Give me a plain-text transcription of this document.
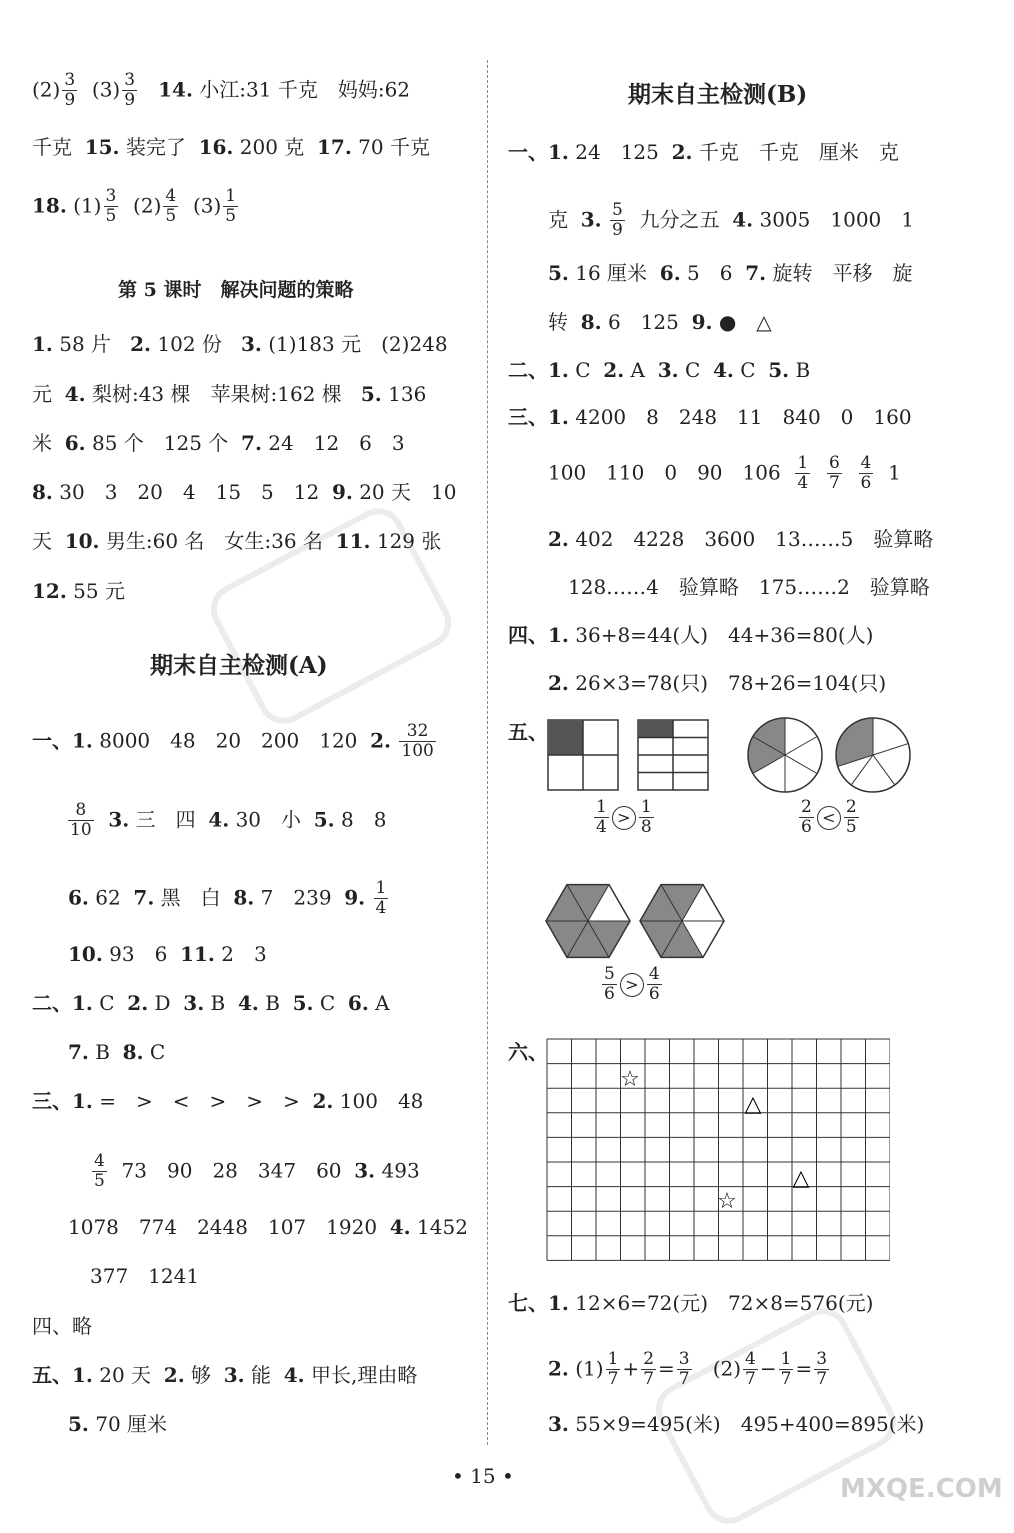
MXQE.COM
$(2) \frac{3}{9} (3) \frac{3}{9} 14$. 小江:31 千克　妈妈:62
千克 15. 装完了 16. 200 克 17. 70 千克
18. $(1) \frac{3}{5} (2) \frac{4}{5} (3) \frac{1}{5}$
第 5 课时　解决问题的策略
1. 58 片 2. 102 份 3. (1)183 元　(2)248
元 4. 梨树:43 棵　苹果树:162 棵 5. 136
米 6. 85 个　125 个 7. 24　12　6　3
8. 30　3　20　4　15　5　12 9. 20 天　10
天 10. 男生:60 名　女生:36 名 11. 129 张
12. 55 元
期末自主检测(A)
一、1. 8000　48　20　200　120 2. $\frac{32}{100}$
$\frac{8}{10} 3$. 三　四 4. 30　小 5. 8　8
6. 62 7. 黑　白 8. 7　239 9. $\frac{1}{4}$
10. 93　6 11. 2　3
二、1. C 2. D 3. B 4. B 5. C 6. A
7. B 8. C
三、1. =　>　<　>　>　> 2. 100　48
$\frac{4}{5} 73$　90　28　347　60 3. 493
1078　774　2448　107　1920 4. 1452
377　1241
四、略
五、1. 20 天 2. 够 3. 能 4. 甲长,理由略
5. 70 厘米
期末自主检测(B)
一、1. 24　125 2. 千克　千克　厘米　克
克 3. $\frac{5}{9}$ 九分之五 4. 3005　1000　1
5. 16 厘米 6. 5　6 7. 旋转　平移　旋
转 8. 6　125 9. ●　△
二、1. C 2. A 3. C 4. C 5. B
三、1. 4200　8　248　11　840　0　160
100　110　0　90　$106 \frac{1}{4}$
$\frac{6}{7}$
$\frac{4}{6} 1$
2. 402　4228　3600　13……5　验算略
128……4　验算略　175……2　验算略
四、1. 36+8=44(人)　44+36=80(人)
2. 26×3=78(只)　78+26=104(只)
五、
$\frac{1}{4} > \frac{1}{8}$	$\frac{2}{6} < \frac{2}{5}$
$\frac{5}{6} > \frac{4}{6}$
六、
☆
△
△
☆
七、1. 12×6=72(元)　72×8=576(元)
2. $(1) \frac{1}{7} + \frac{2}{7} = \frac{3}{7} (2) \frac{4}{7} - \frac{1}{7} = \frac{3}{7}$
3. 55×9=495(米)　495+400=895(米)
• 15 •
